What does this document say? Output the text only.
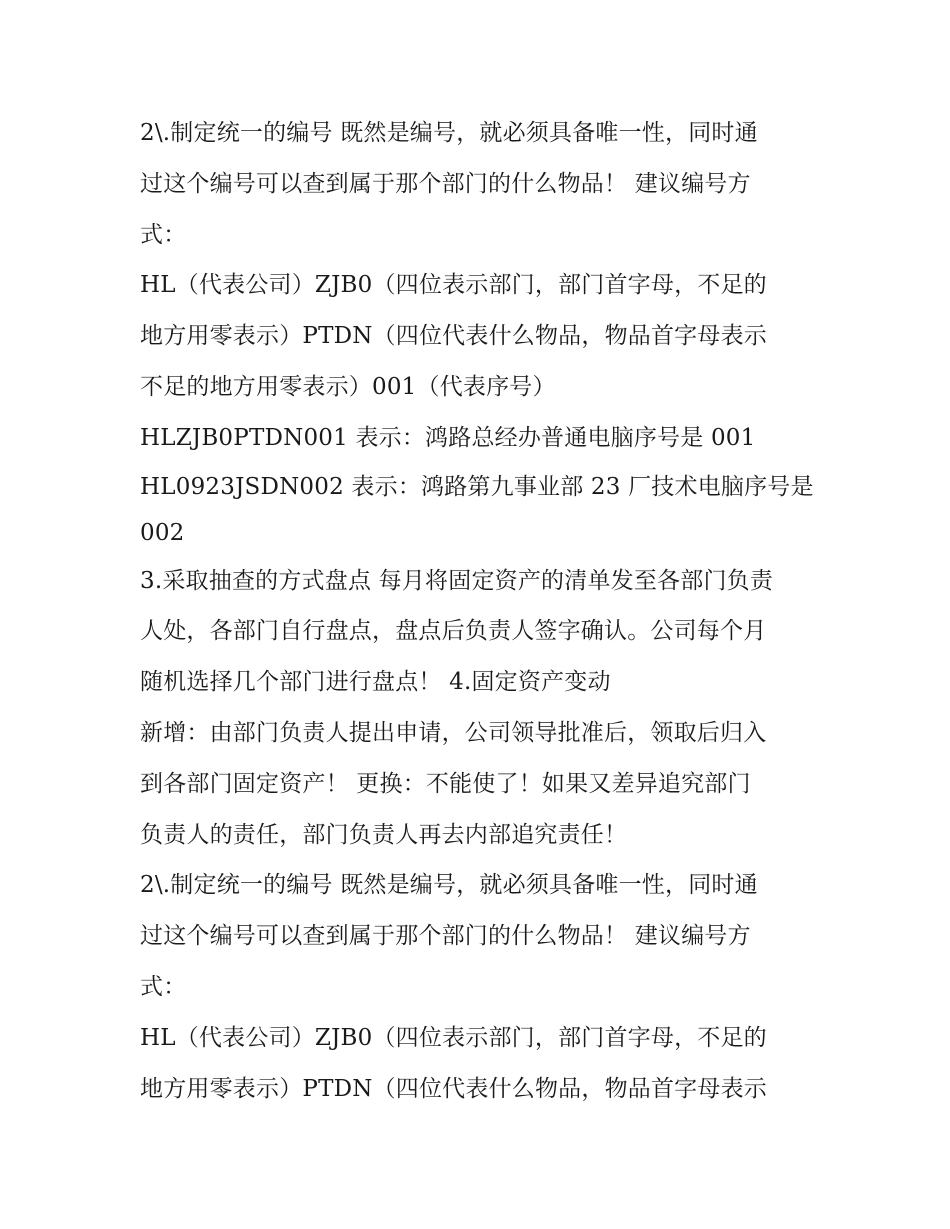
2\.制定统一的编号 既然是编号，就必须具备唯一性，同时通
过这个编号可以查到属于那个部门的什么物品！ 建议编号方
式：
HL（代表公司）ZJB0（四位表示部门，部门首字母，不足的
地方用零表示）PTDN（四位代表什么物品，物品首字母表示
不足的地方用零表示）001（代表序号）
HLZJB0PTDN001 表示：鸿路总经办普通电脑序号是 001
HL0923JSDN002 表示：鸿路第九事业部 23 厂技术电脑序号是
002
3.采取抽查的方式盘点 每月将固定资产的清单发至各部门负责
人处，各部门自行盘点，盘点后负责人签字确认。公司每个月
随机选择几个部门进行盘点！ 4.固定资产变动
新增：由部门负责人提出申请，公司领导批准后，领取后归入
到各部门固定资产！ 更换：不能使了！如果又差异追究部门
负责人的责任，部门负责人再去内部追究责任！
2\.制定统一的编号 既然是编号，就必须具备唯一性，同时通
过这个编号可以查到属于那个部门的什么物品！ 建议编号方
式：
HL（代表公司）ZJB0（四位表示部门，部门首字母，不足的
地方用零表示）PTDN（四位代表什么物品，物品首字母表示
